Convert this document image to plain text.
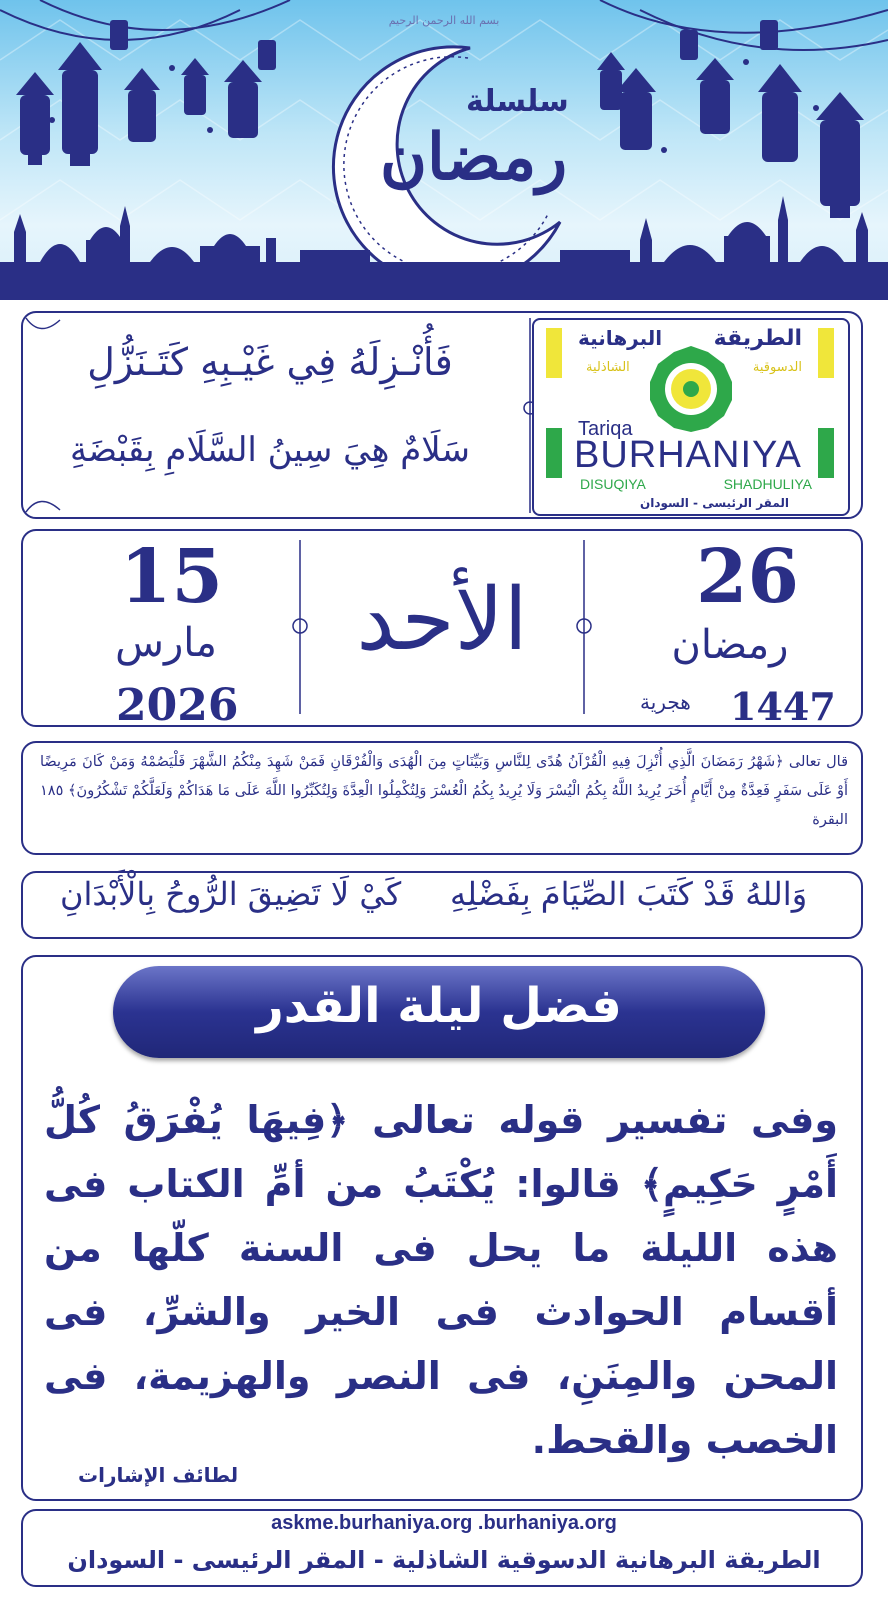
بسم الله الرحمن الرحيم
سلسلة
رمضان
فَأُنْـزِلَهُ فِي غَيْـبِهِ كَتَـنَزُّلِ
سَلَامٌ هِيَ سِينُ السَّلَامِ بِقَبْضَةِ
الطريقة
البرهانية
الدسوقية
الشاذلية
Tariqa
BURHANIYA
DISUQIYA	SHADHULIYA
المقر الرئيسى - السودان
15
مارس
2026
الأحد	26
رمضان
1447
هجرية
قال تعالى ﴿شَهْرُ رَمَضَانَ الَّذِي أُنْزِلَ فِيهِ الْقُرْآنُ هُدًى لِلنَّاسِ وَبَيِّنَاتٍ مِنَ الْهُدَى وَالْفُرْقَانِ فَمَنْ شَهِدَ مِنْكُمُ الشَّهْرَ فَلْيَصُمْهُ وَمَنْ كَانَ مَرِيضًا أَوْ عَلَى سَفَرٍ فَعِدَّةٌ مِنْ أَيَّامٍ أُخَرَ يُرِيدُ اللَّهُ بِكُمُ الْيُسْرَ وَلَا يُرِيدُ بِكُمُ الْعُسْرَ وَلِتُكْمِلُوا الْعِدَّةَ وَلِتُكَبِّرُوا اللَّهَ عَلَى مَا هَدَاكُمْ وَلَعَلَّكُمْ تَشْكُرُونَ﴾ ١٨٥ البقرة
وَاللهُ قَدْ كَتَبَ الصِّيَامَ بِفَضْلِهِ
كَيْ لَا تَضِيقَ الرُّوحُ بِالْأَبْدَانِ
فضل ليلة القدر
وفى تفسير قوله تعالى ﴿فِيهَا يُفْرَقُ كُلُّ أَمْرٍ حَكِيمٍ﴾ قالوا: يُكْتَبُ من أمِّ الكتاب فى هذه الليلة ما يحل فى السنة كلّها من أقسام الحوادث فى الخير والشرِّ، فى المحن والمِنَنِ، فى النصر والهزيمة، فى الخصب والقحط.
لطائف الإشارات
askme.burhaniya.org .burhaniya.org
الطريقة البرهانية الدسوقية الشاذلية - المقر الرئيسى - السودان
